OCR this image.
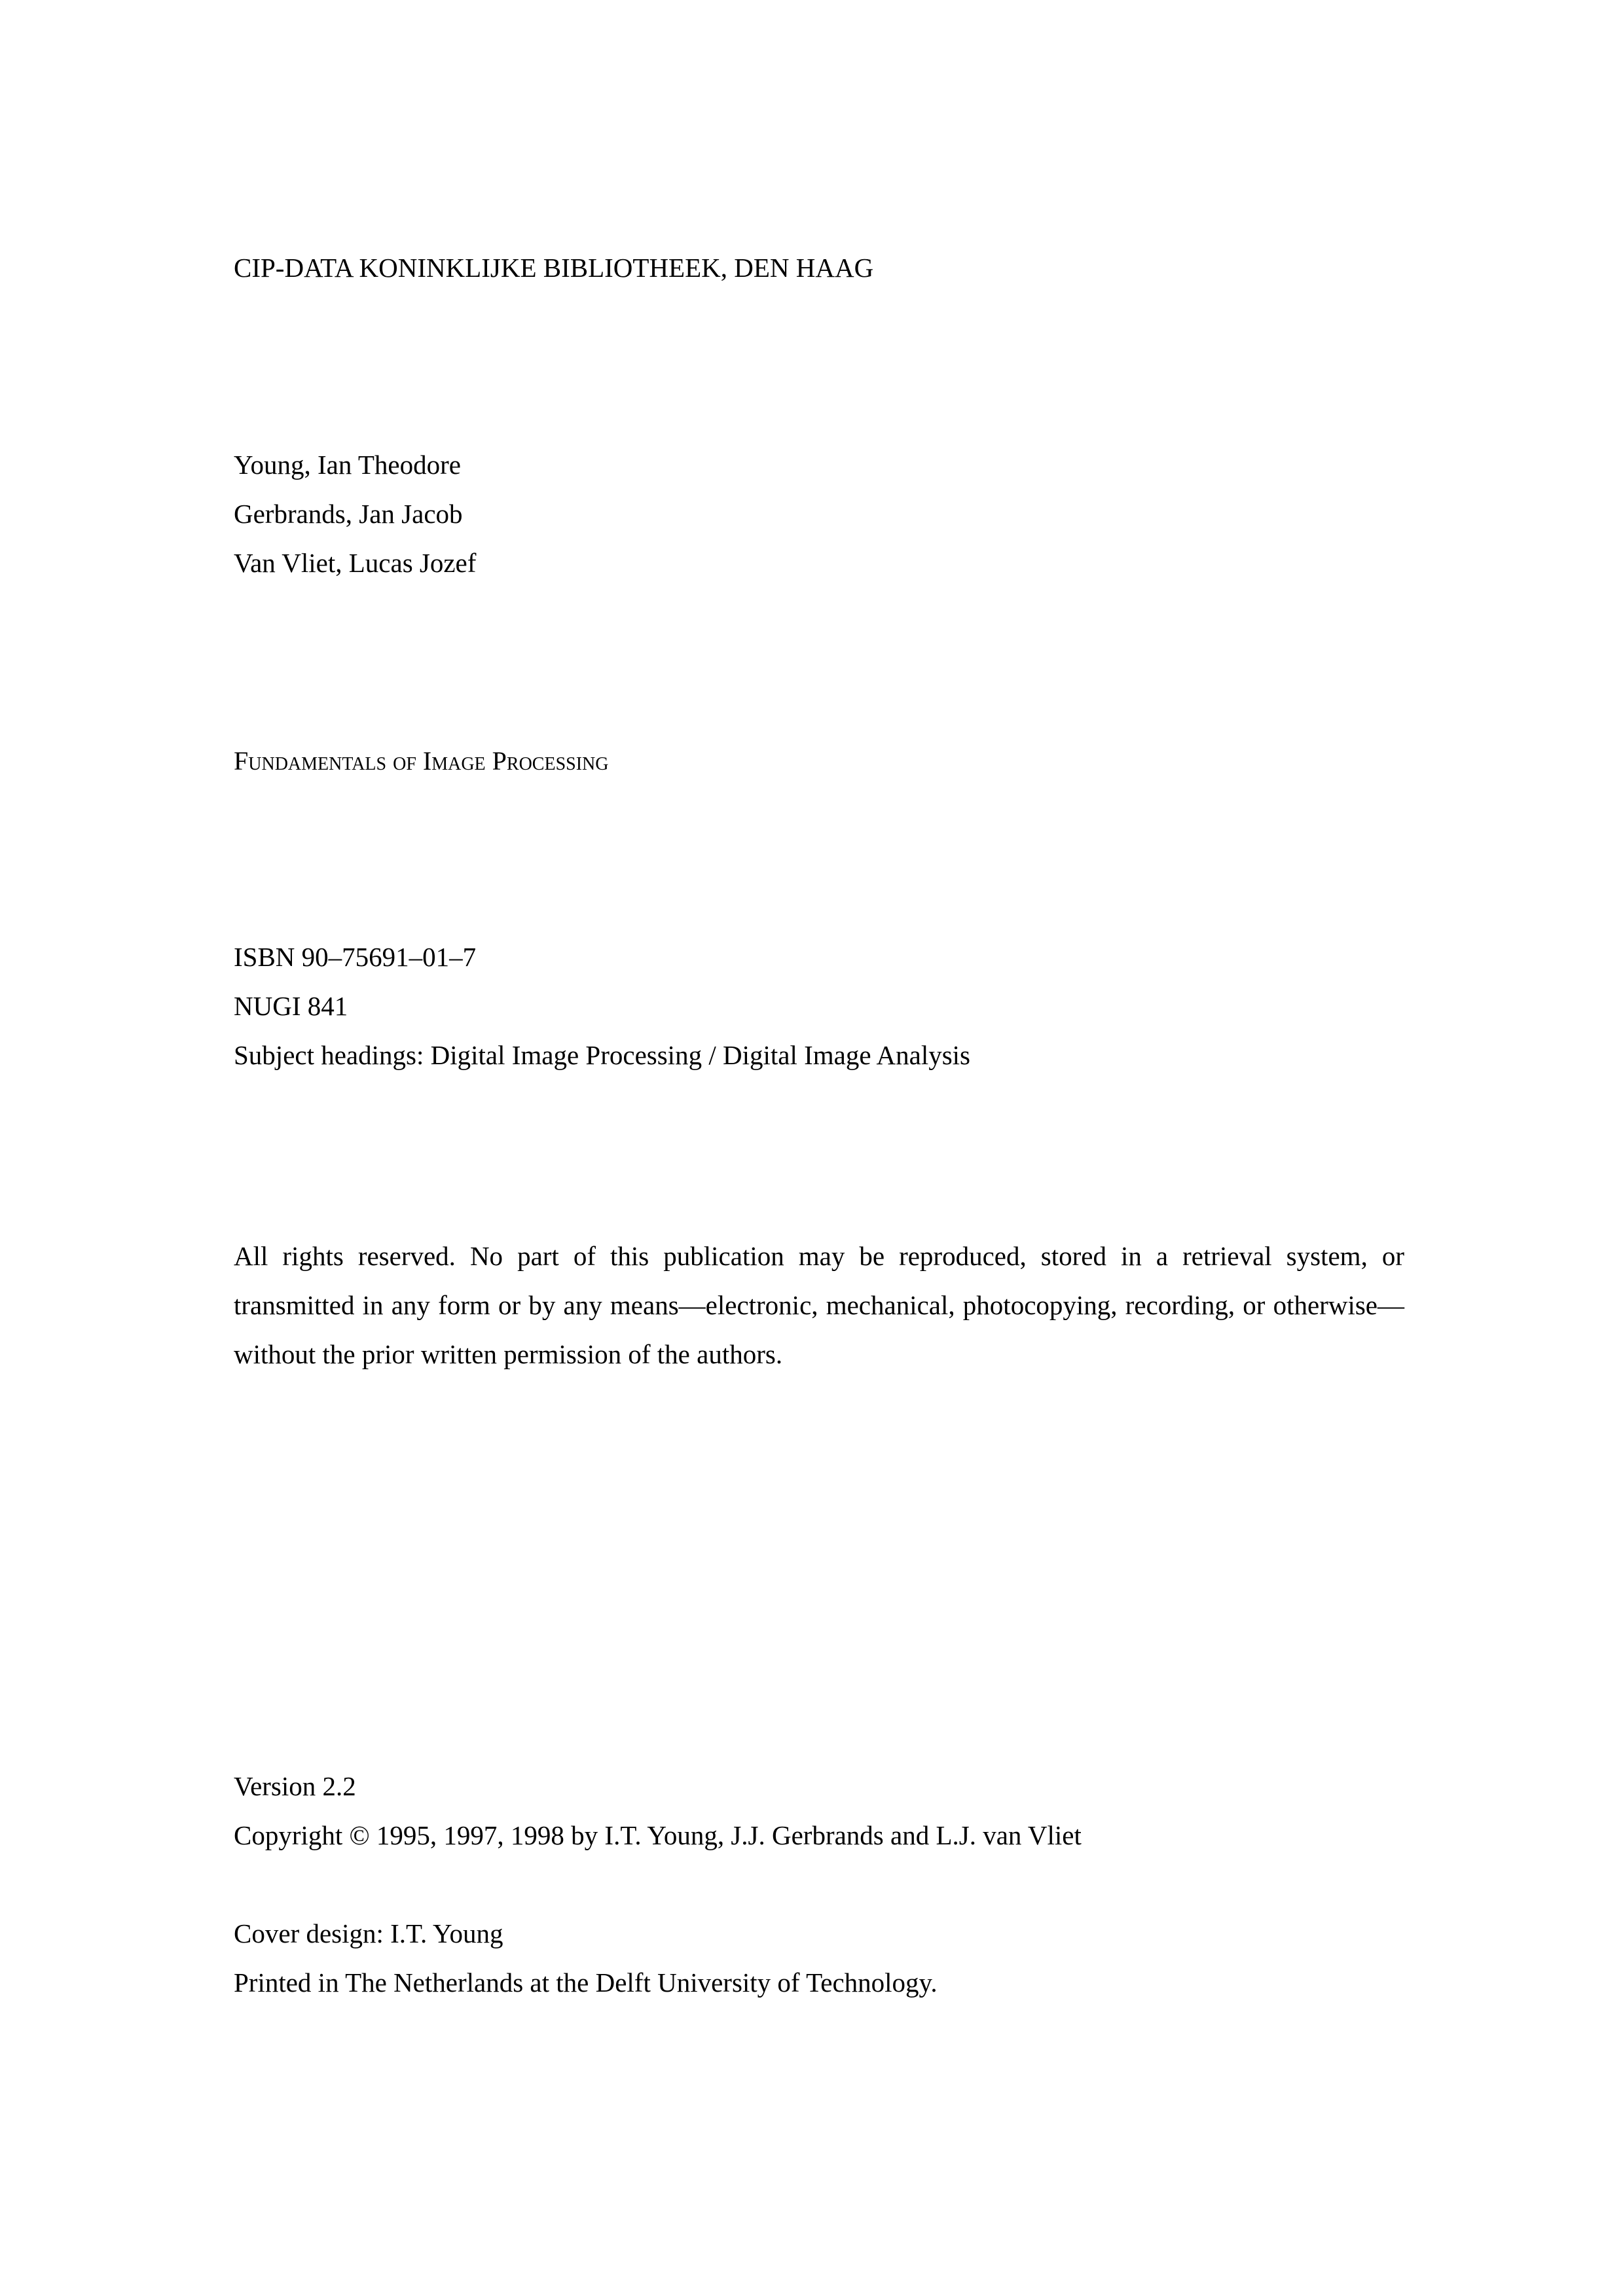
CIP-DATA KONINKLIJKE BIBLIOTHEEK, DEN HAAG
Young, Ian Theodore
Gerbrands, Jan Jacob
Van Vliet, Lucas Jozef
Fundamentals of Image Processing
ISBN 90–75691–01–7
NUGI 841
Subject headings: Digital Image Processing / Digital Image Analysis
All rights reserved. No part of this publication may be reproduced, stored in a retrieval system, or transmitted in any form or by any means—electronic, mechanical, photocopying, recording, or otherwise—without the prior written permission of the authors.
Version 2.2
Copyright © 1995, 1997, 1998 by I.T. Young, J.J. Gerbrands and L.J. van Vliet
Cover design: I.T. Young
Printed in The Netherlands at the Delft University of Technology.
